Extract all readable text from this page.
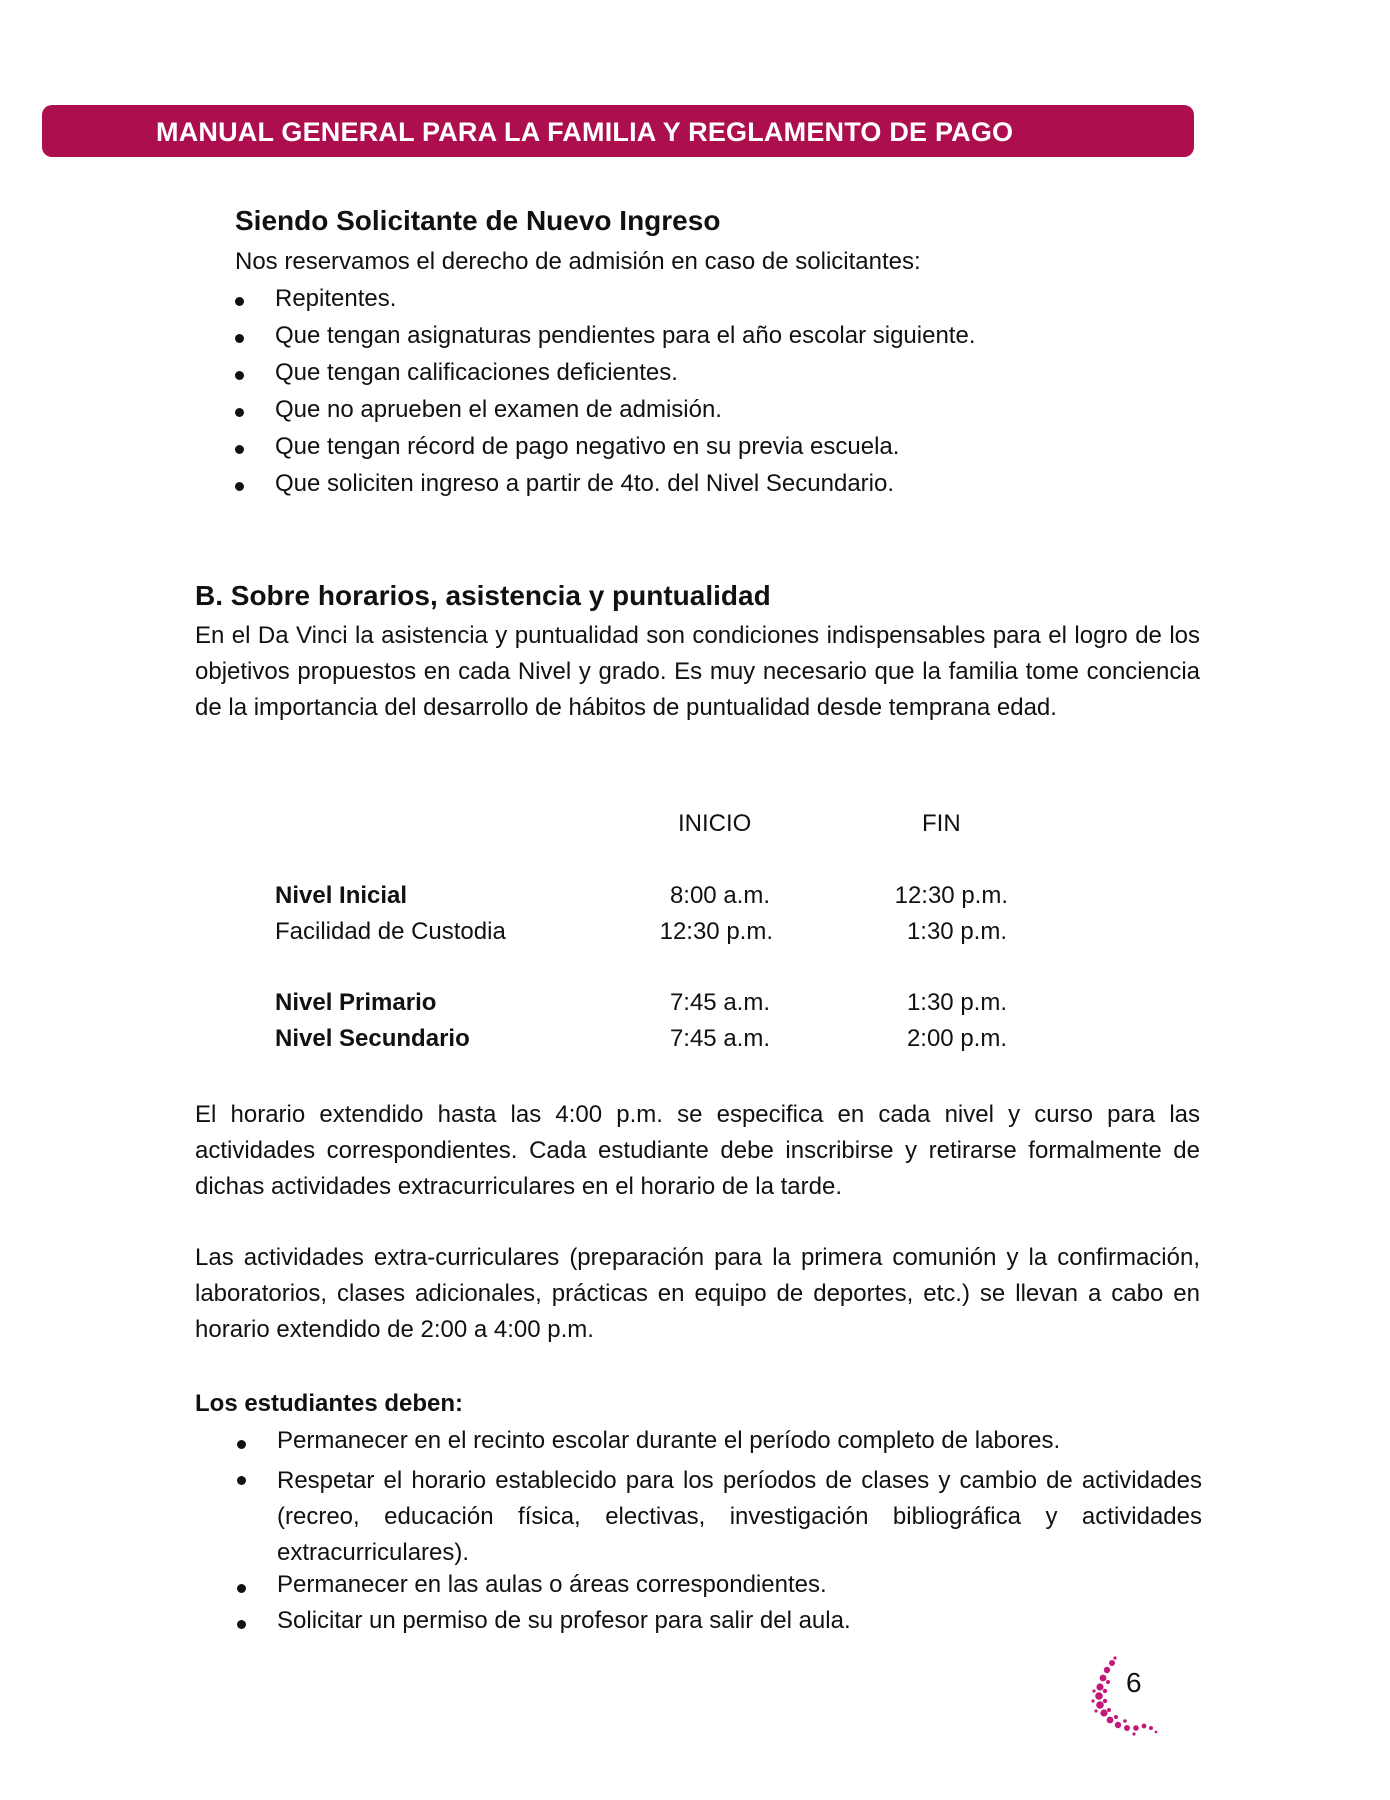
MANUAL GENERAL PARA LA FAMILIA Y REGLAMENTO DE PAGO
Siendo Solicitante de Nuevo Ingreso
Nos reservamos el derecho de admisión en caso de solicitantes:
Repitentes.
Que tengan asignaturas pendientes para el año escolar siguiente.
Que tengan calificaciones deficientes.
Que no aprueben el examen de admisión.
Que tengan récord de pago negativo en su previa escuela.
Que soliciten ingreso a partir de 4to. del Nivel Secundario.
B. Sobre horarios, asistencia y puntualidad
En el Da Vinci la asistencia y puntualidad son condiciones indispensables para el logro de los objetivos propuestos en cada Nivel y grado. Es muy necesario que la familia tome conciencia de la importancia del desarrollo de hábitos de puntualidad desde temprana edad.
INICIO	FIN
Nivel Inicial	8:00 a.m.	12:30 p.m.
Facilidad de Custodia	12:30 p.m.	1:30 p.m.
Nivel Primario	7:45 a.m.	1:30 p.m.
Nivel Secundario	7:45 a.m.	2:00 p.m.
El horario extendido hasta las 4:00 p.m. se especifica en cada nivel y curso para las actividades correspondientes. Cada estudiante debe inscribirse y retirarse formalmente de dichas actividades extracurriculares en el horario de la tarde.
Las actividades extra-curriculares (preparación para la primera comunión y la confirmación, laboratorios, clases adicionales, prácticas en equipo de deportes, etc.) se llevan a cabo en horario extendido de 2:00 a 4:00 p.m.
Los estudiantes deben:
Permanecer en el recinto escolar durante el período completo de labores.
Respetar el horario establecido para los períodos de clases y cambio de actividades (recreo, educación física, electivas, investigación bibliográfica y actividades extracurriculares).
Permanecer en las aulas o áreas correspondientes.
Solicitar un permiso de su profesor para salir del aula.
6
